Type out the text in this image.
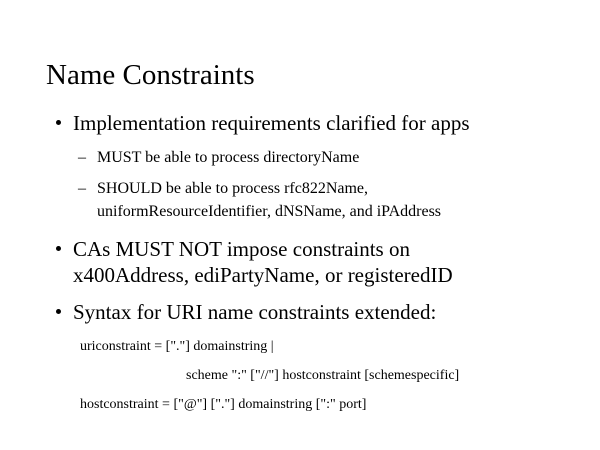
Name Constraints
Implementation requirements clarified for apps
– MUST be able to process directoryName
– SHOULD be able to process rfc822Name,
uniformResourceIdentifier, dNSName, and iPAddress
CAs MUST NOT impose constraints on
x400Address, ediPartyName, or registeredID
Syntax for URI name constraints extended:
uriconstraint = ["."] domainstring |
scheme ":" ["//"] hostconstraint [schemespecific]
hostconstraint = ["@"] ["."] domainstring [":" port]
